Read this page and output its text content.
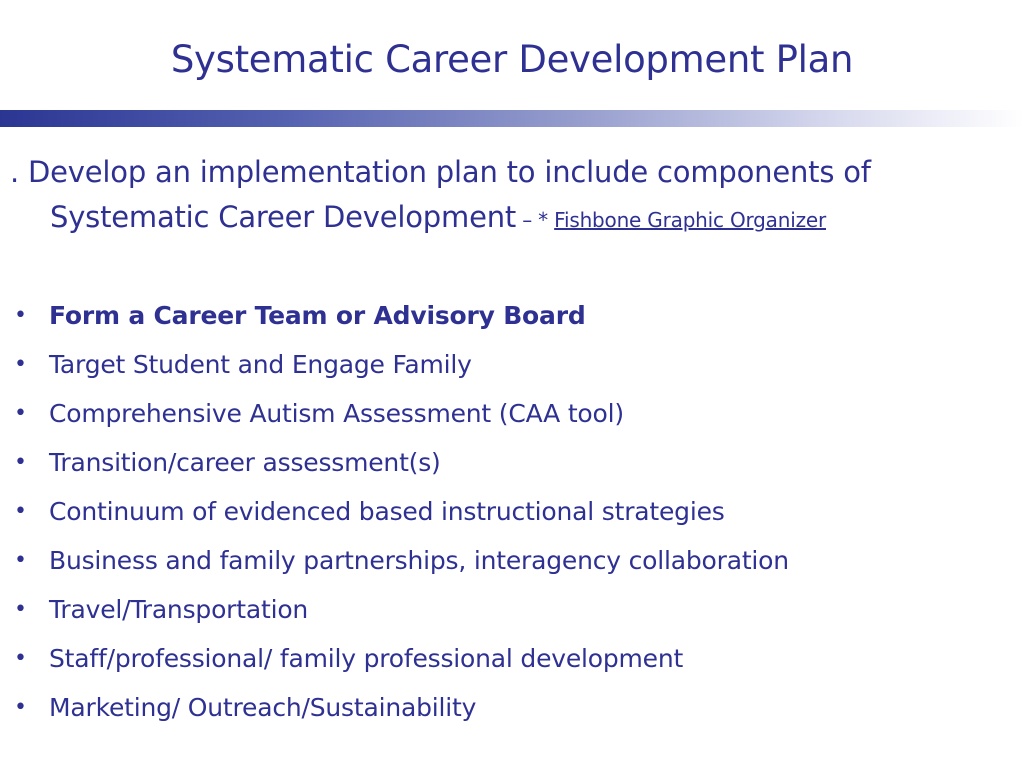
Systematic Career Development Plan
. Develop an implementation plan to include components of
Systematic Career Development – * Fishbone Graphic Organizer
• Form a Career Team or Advisory Board
• Target Student and Engage Family
• Comprehensive Autism Assessment (CAA tool)
• Transition/career assessment(s)
• Continuum of evidenced based instructional strategies
• Business and family partnerships, interagency collaboration
• Travel/Transportation
• Staff/professional/ family professional development
• Marketing/ Outreach/Sustainability
